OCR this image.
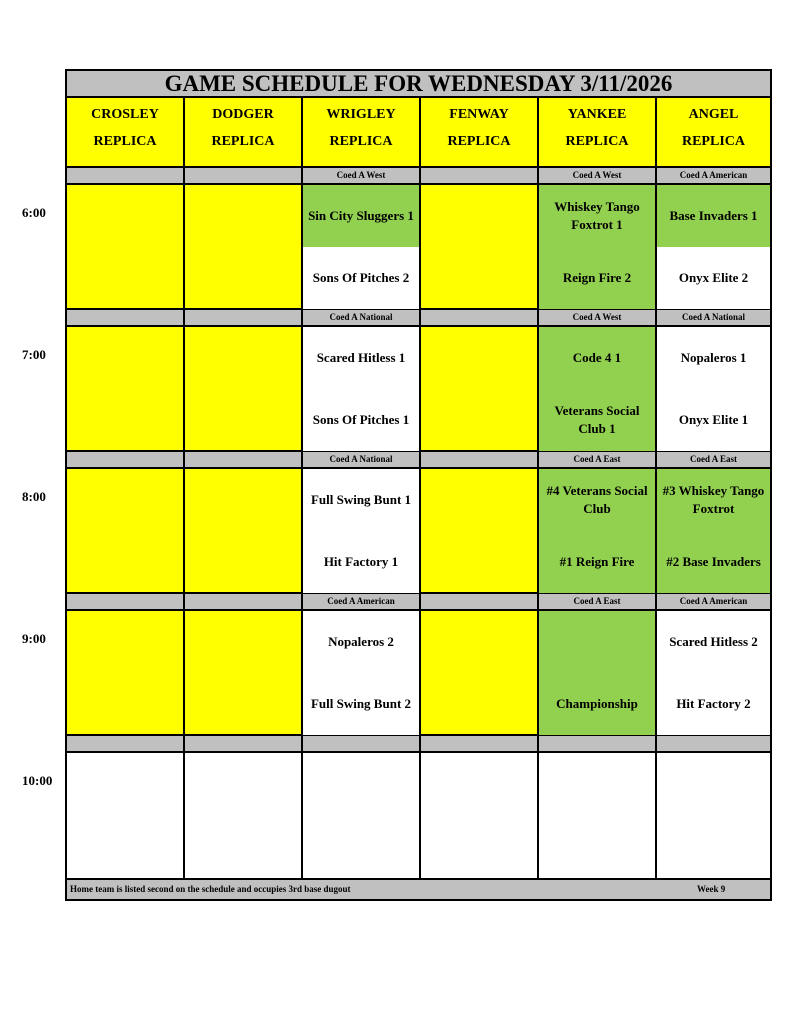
GAME SCHEDULE FOR WEDNESDAY 3/11/2026
CROSLEY
REPLICA
DODGER
REPLICA
WRIGLEY
REPLICA
FENWAY
REPLICA
YANKEE
REPLICA
ANGEL
REPLICA
Coed A West
Sin City Sluggers 1
Sons Of Pitches 2
Coed A West
Whiskey Tango Foxtrot 1
Reign Fire 2
Coed A American
Base Invaders 1
Onyx Elite 2
Coed A National
Scared Hitless 1
Sons Of Pitches 1
Coed A West
Code 4 1
Veterans Social Club 1
Coed A National
Nopaleros 1
Onyx Elite 1
Coed A National
Full Swing Bunt 1
Hit Factory 1
Coed A East
#4 Veterans Social Club
#1 Reign Fire
Coed A East
#3 Whiskey Tango Foxtrot
#2 Base Invaders
Coed A American
Nopaleros 2
Full Swing Bunt 2
Coed A East
Championship
Coed A American
Scared Hitless 2
Hit Factory 2
Home team is listed second on the schedule and occupies 3rd base dugout	Week 9
6:00
7:00
8:00
9:00
10:00
